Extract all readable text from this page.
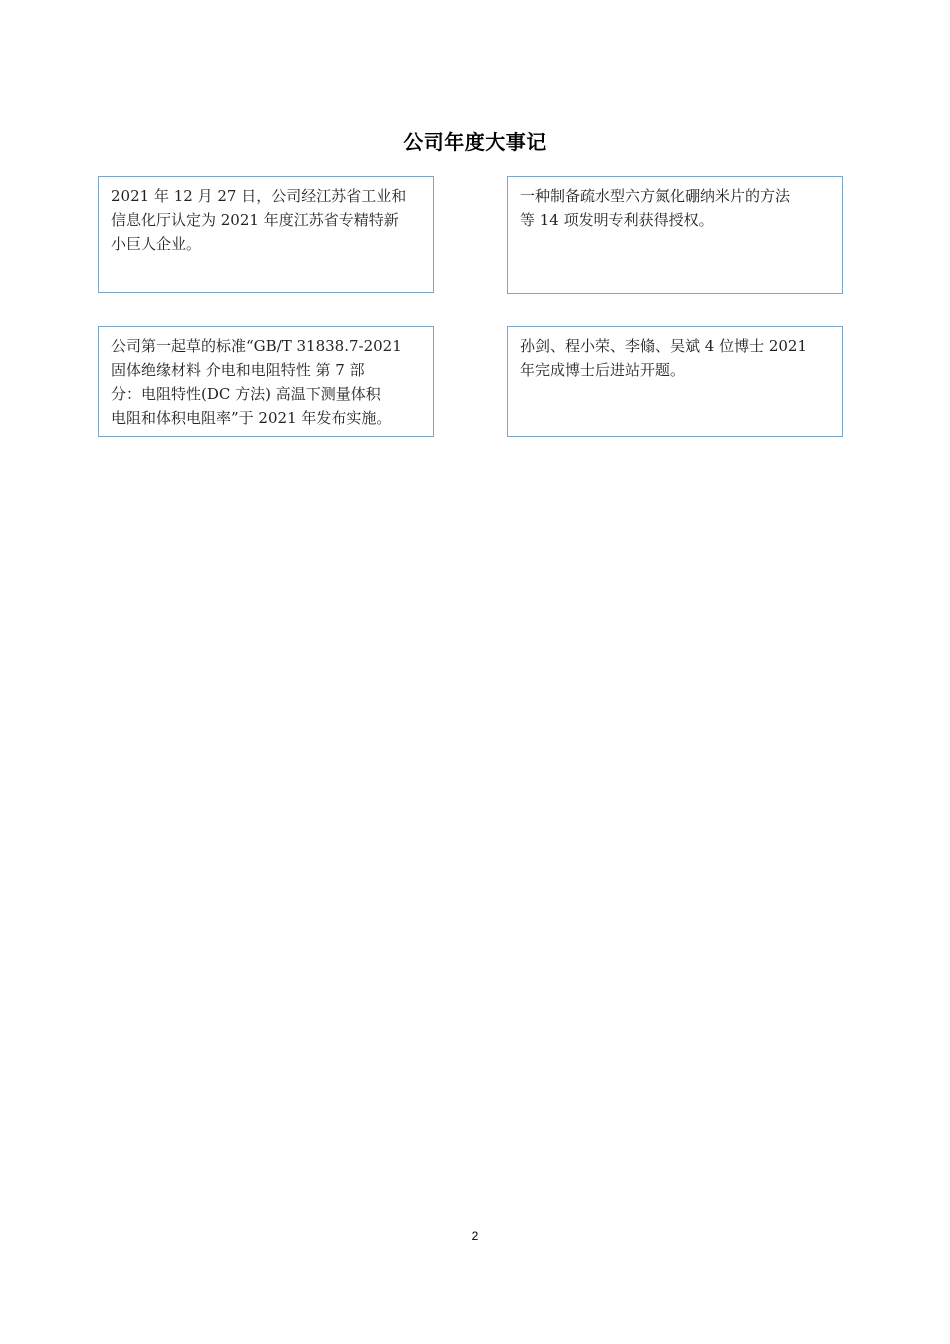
公司年度大事记
2021 年 12 月 27 日，公司经江苏省工业和
信息化厅认定为 2021 年度江苏省专精特新
小巨人企业。
一种制备疏水型六方氮化硼纳米片的方法
等 14 项发明专利获得授权。
公司第一起草的标准“GB/T 31838.7-2021
固体绝缘材料 介电和电阻特性 第 7 部
分：电阻特性(DC 方法) 高温下测量体积
电阻和体积电阻率”于 2021 年发布实施。
孙剑、程小荣、李翛、吴斌 4 位博士 2021
年完成博士后进站开题。
2
